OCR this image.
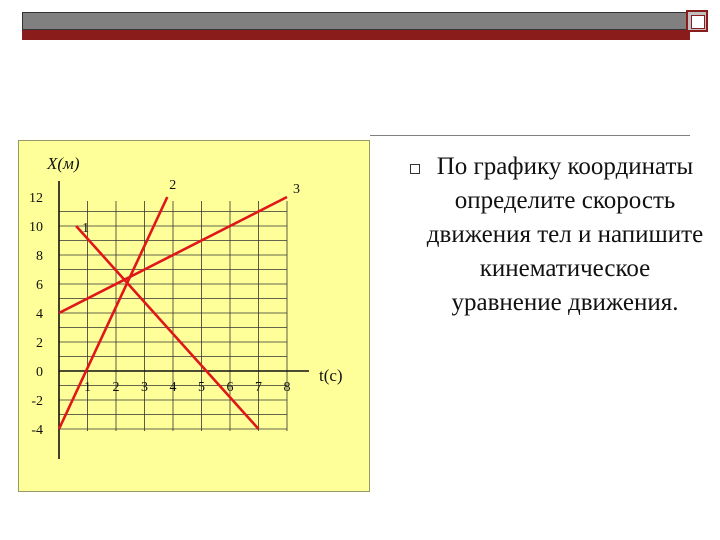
1 2 3 4 5 6 7 8
12
10
8
6
4
2
0
-2
-4
1
2	3
X(м)
t(c)

По графику координаты определите скорость движения тел и напишите кинематическое уравнение движения.
